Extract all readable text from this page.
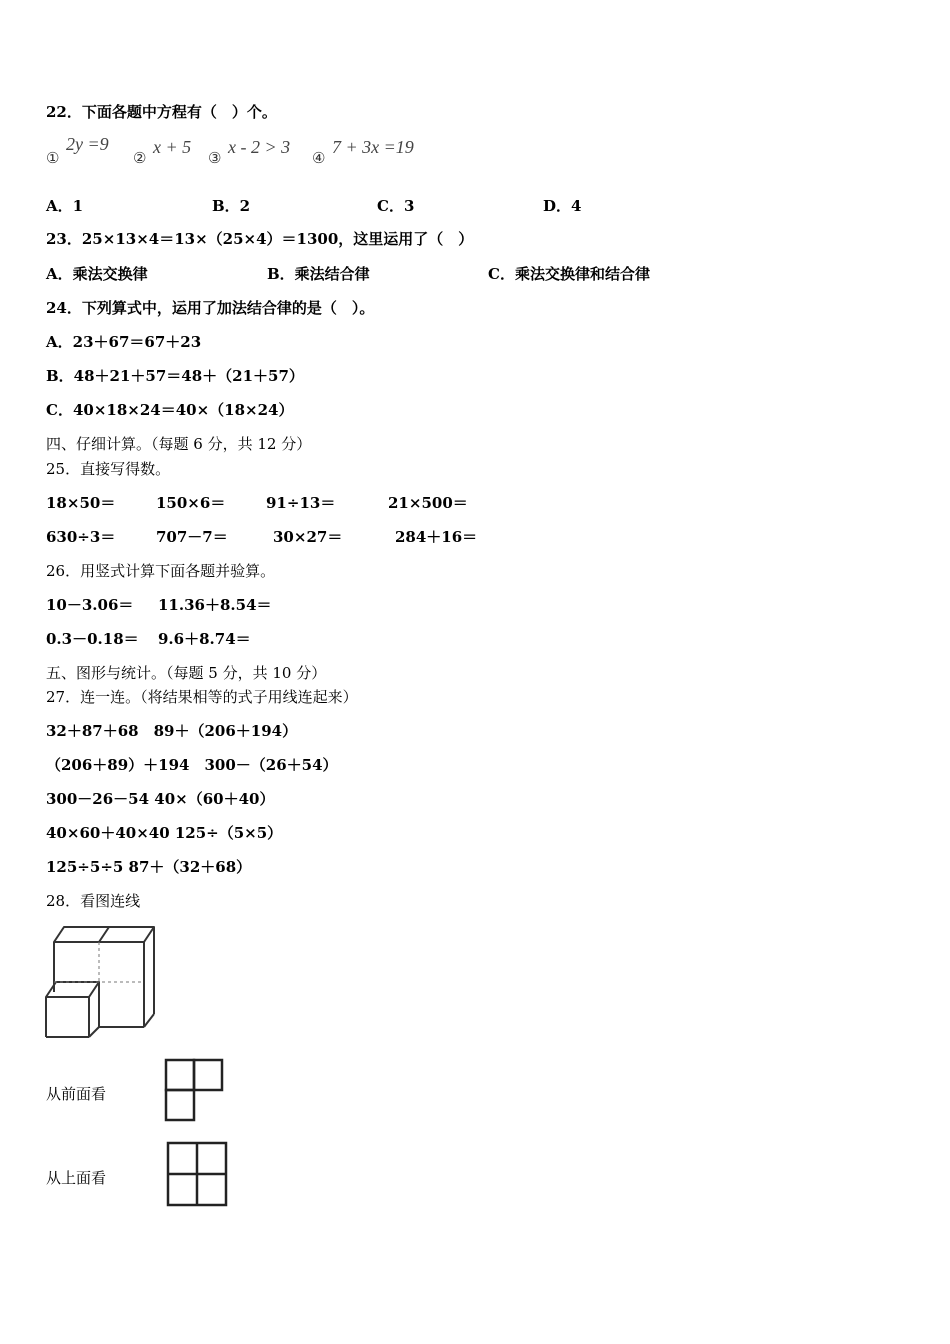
22．下面各题中方程有（　）个。
①
2y =9
②
x + 5
③
x - 2 > 3
④
7 + 3x =19
A．1	B．2	C．3	D．4
23．25×13×4＝13×（25×4）＝1300，这里运用了（　）
A．乘法交换律	B．乘法结合律	C．乘法交换律和结合律
24．下列算式中，运用了加法结合律的是（　）。
A．23＋67＝67＋23
B．48＋21＋57＝48＋（21＋57）
C．40×18×24＝40×（18×24）
四、仔细计算。（每题 6 分，共 12 分）
25．直接写得数。
18×50＝	150×6＝	91÷13＝	21×500＝
630÷3＝	707－7＝	30×27＝	284＋16＝
26．用竖式计算下面各题并验算。
10－3.06＝ 11.36＋8.54＝
0.3－0.18＝ 9.6＋8.74＝
五、图形与统计。（每题 5 分，共 10 分）
27．连一连。（将结果相等的式子用线连起来）
32＋87＋68　89＋（206＋194）
（206＋89）＋194　300－（26＋54）
300－26－54 40×（60＋40）
40×60＋40×40 125÷（5×5）
125÷5÷5 87＋（32＋68）
28．看图连线
从前面看
从上面看
